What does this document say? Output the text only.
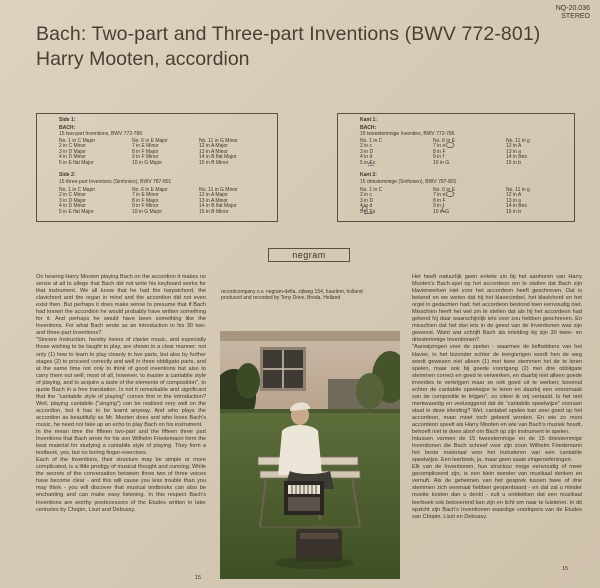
NQ-20.036
STEREO
Bach: Two-part and Three-part Inventions (BWV 772-801)
Harry Mooten, accordion
Side 1:
BACH:
15 two-part Inventions, BWV 772-786
No. 1 in C Major
2 in C Minor
3 in D Major
4 in D Minor
5 in E flat Major
No. 6 in E Major
7 in E Minor
8 in F Major
9 in F Minor
10 in G Major
No. 11 in G Minor
12 in A Major
13 in A Minor
14 in B flat Major
15 in B Minor
Side 2:
15 three-part Inventions (Sinfonien), BWV 787-801
No. 1 in C Major
2 in C Minor
3 in D Major
4 in D Minor
5 in E flat Major
No. 6 in E Major
7 in E Minor
8 in F Major
9 in F Minor
10 in G Major
No. 11 in G Minor
12 in A Major
13 in A Minor
14 in B flat Major
15 in B Minor
Kant 1:
BACH:
15 tweestemmige Inventies, BWV 772-786
No. 1 in C
2 in c
3 in D
4 in d
5 in Es
No. 6 in E
7 in e
8 in F
9 in f
10 in G
No. 11 in g
12 in A
13 in a
14 in Bes
15 in b
Kant 2:
15 driestemmige (Sinfonien), BWV 787-801
No. 1 in C
2 in c
3 in D
4 in d
5 in Es
No. 6 in E
7 in e
8 in F
9 in f
10 in G
No. 11 in g
12 in A
13 in a
14 in Bes
15 in b
negram
recordcompany n.v. negram-delta, zijlweg 154, haarlem, holland
produced and recorded by Tony Drive, Breda, Holland

On hearing Harry Mooten playing Bach on the accordion it makes no sense at all to allege that Bach did not write his keyboard works for that instrument. We all know that he had the harpsichord, the clavichord and the organ in mind and the accordion did not even exist then. But perhaps it does make sense to presume that if Bach had known the accordion he would probably have written something for it. And perhaps he would have been something like the Inventions. For what Bach wrote as an introduction to his 30 two- and three-part Inventions?
"Sincere Instruction, hereby lovers of clavier music, and especially those wishing to be taught to play, are shown in a clear manner: not only (1) how to learn to play cleanly in two parts, but also by further stages (2) to proceed correctly and well in three obbligato parts, and at the same time not only to think of good inventions but also to carry them out well; most of all, however, to master a cantabile style of playing, and to acquire a taste of the elements of composition", to quote Bach in a free translation. Is not it remarkable and significant that the "cantabile style of playing" comes first in the introduction? Well, playing cantabile ("singing") can be realised very well on the accordion, but it has to be learnt anyway. And who plays the accordion as beautifully as Mr. Mooten does and who loves Bach's music, he need not fake up an echo to play Bach on his instrument.
In the mean time the fifteen two-part and the fifteen three part Inventions that Bach wrote for his son Wilhelm Friedemann form the best material for studying a cantabile style of playing. They form a textbook, yes, but no boring finger-exercises.
Each of the Inventions, their structure may be simple or more complicated, is a little prodigy of musical thought and cunning. While the secrets of the conversation between three two of three voices have become clear - and this will cause you less trouble than you may think - you will discover that musical textbooks can also be enchanting and can make easy listening. In this respect Bach's Inventions are worthy predecessors of the Etudes written in later centuries by Chopin, Liszt and Debussy.

15

Het heeft natuurlijk geen enkele zin bij het aanhoren van Harry Mooten's Bach-spel op het accordeon om te stellen dat Bach zijn klavierwerken niet voor het accordeon heeft geschreven. Dat is bekend en we weten dat hij het klavecimbel, het klavichord en het orgel in gedachten had; het accordeon bestond toen eenvoudig niet. Misschien heeft het wel zin te stellen dat als hij het accordeon had gekend hij daar waarschijnlijk iets voor zou hebben geschreven. En misschien dat het dan iets in de geest van de Inventionen was zijn geweest. Want wat schrijft Bach als inleiding bij zijn 30 twee- en driestemmige Inventionen?
"Aanwijzingen voor de spelen - waarmee de liefhebbers van het klavier, in het bizonder echter de leergierigen wordt hen de weg wordt gewezen niet alleen (1) met twee stemmen hel de te leren spelen, maar ook bij goede voortgang (2) met drie obbligate stemmen correct en goed te verwerken, en daarbij niet alleen goede inventies te verkrijgen maar ze ook goed uit te werken; bovenal echter de cantabile speelwijze te leren en daarbij een voorsmaak van de compositie te krijgen", zo citeer ik vrij vertaald. Is het niet merkwaardig en veelzeggend dat de "cantabile speelwijze" vooraan staat in deze inleiding? Wel, cantabel spelen kan zeer goed op het accordeon, maar moet toch geleerd worden. En wie zo mooi accordeon speelt als Harry Mooten en wie van Bach's muziek houdt, behoeft niet te doen alsof om Bach op zijn instrument te spelen.
Intussen vormen de 15 tweestemmige en de 15 driestemmige Inventionen die Bach schreef voor zijn zoon Wilhelm Friedemann het beste materiaal voor het instuderen van een cantabile speelwijze. Een leerboek, ja, maar geen saaie vingeroefeningen.
Elk van de Inventionen, hun structuur moge eenvoudig of meer gecompliceerd zijn, is een klein wonder van muzikaal denken en vernuft. Als de geheimen van het gesprek tussen twee of drie stemmen zich eenmaal hebben geopenbaard - en dat zal u minder moeite kosten dan u denkt - zult u ontdekken dat een muzikaal leerboek ook betoverend kan zijn en licht om naar te luisteren. In dit opzicht zijn Bach's Inventionen waardige voorlopers van de Etudes van Chopin, Liszt en Debussy.

15
